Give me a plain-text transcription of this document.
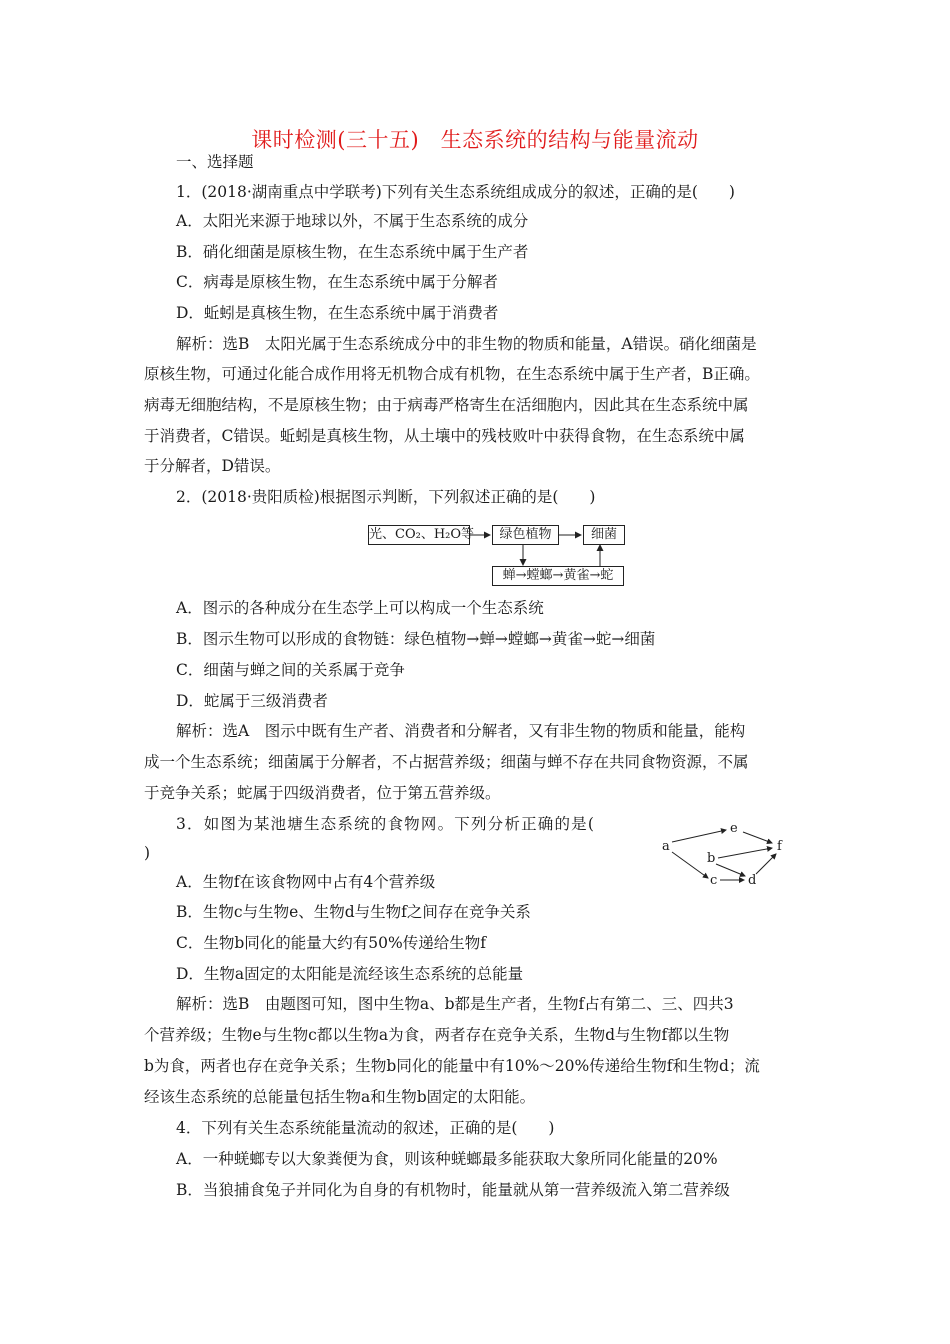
课时检测(三十五)　生态系统的结构与能量流动
一、选择题
1．(2018·湖南重点中学联考)下列有关生态系统组成成分的叙述，正确的是(　　)
A．太阳光来源于地球以外，不属于生态系统的成分
B．硝化细菌是原核生物，在生态系统中属于生产者
C．病毒是原核生物，在生态系统中属于分解者
D．蚯蚓是真核生物，在生态系统中属于消费者
解析：选B　太阳光属于生态系统成分中的非生物的物质和能量，A错误。硝化细菌是
原核生物，可通过化能合成作用将无机物合成有机物，在生态系统中属于生产者，B正确。
病毒无细胞结构，不是原核生物；由于病毒严格寄生在活细胞内，因此其在生态系统中属
于消费者，C错误。蚯蚓是真核生物，从土壤中的残枝败叶中获得食物，在生态系统中属
于分解者，D错误。
2．(2018·贵阳质检)根据图示判断，下列叙述正确的是(　　)
光、CO₂、H₂O等	绿色植物	细菌
蝉→螳螂→黄雀→蛇
A．图示的各种成分在生态学上可以构成一个生态系统
B．图示生物可以形成的食物链：绿色植物→蝉→螳螂→黄雀→蛇→细菌
C．细菌与蝉之间的关系属于竞争
D．蛇属于三级消费者
解析：选A　图示中既有生产者、消费者和分解者，又有非生物的物质和能量，能构
成一个生态系统；细菌属于分解者，不占据营养级；细菌与蝉不存在共同食物资源，不属
于竞争关系；蛇属于四级消费者，位于第五营养级。
3．如图为某池塘生态系统的食物网。下列分析正确的是(
)	a
e
f
b
c d
A．生物f在该食物网中占有4个营养级
B．生物c与生物e、生物d与生物f之间存在竞争关系
C．生物b同化的能量大约有50%传递给生物f
D．生物a固定的太阳能是流经该生态系统的总能量
解析：选B　由题图可知，图中生物a、b都是生产者，生物f占有第二、三、四共3
个营养级；生物e与生物c都以生物a为食，两者存在竞争关系，生物d与生物f都以生物
b为食，两者也存在竞争关系；生物b同化的能量中有10%～20%传递给生物f和生物d；流
经该生态系统的总能量包括生物a和生物b固定的太阳能。
4．下列有关生态系统能量流动的叙述，正确的是(　　)
A．一种蜣螂专以大象粪便为食，则该种蜣螂最多能获取大象所同化能量的20%
B．当狼捕食兔子并同化为自身的有机物时，能量就从第一营养级流入第二营养级
